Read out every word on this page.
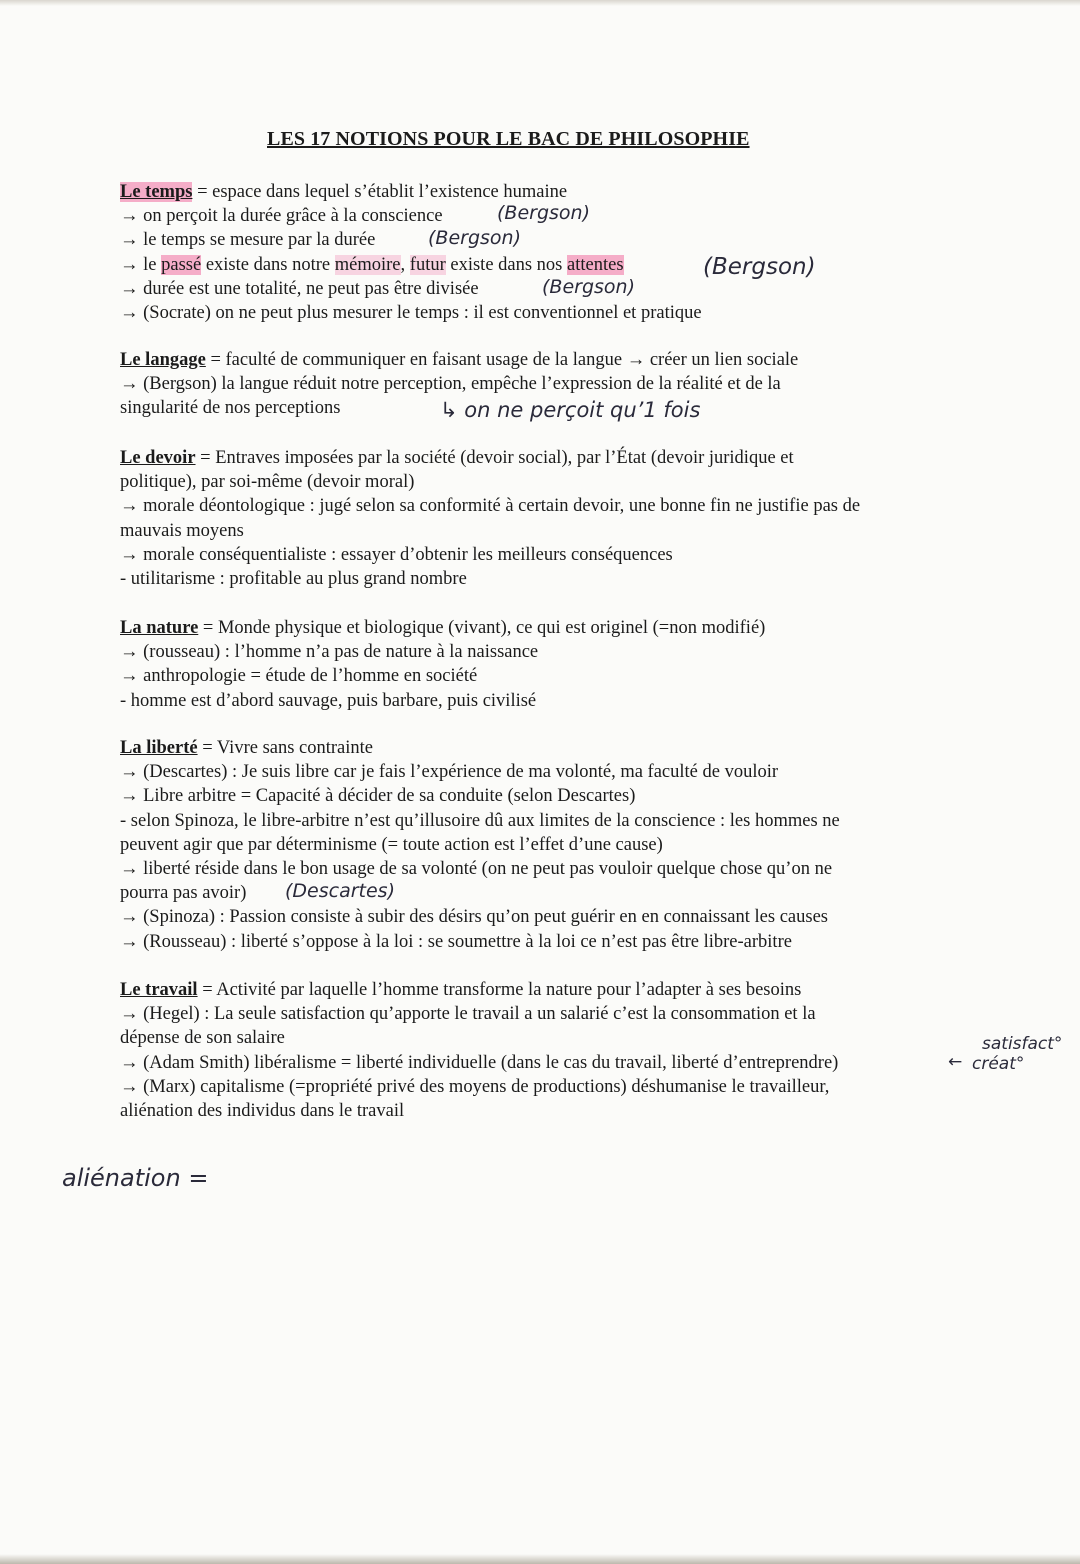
LES 17 NOTIONS POUR LE BAC DE PHILOSOPHIE
Le temps = espace dans lequel s’établit l’existence humaine
→ on perçoit la durée grâce à la conscience
→ le temps se mesure par la durée
→ le passé existe dans notre mémoire, futur existe dans nos attentes
→ durée est une totalité, ne peut pas être divisée
→ (Socrate) on ne peut plus mesurer le temps : il est conventionnel et pratique
(Bergson)
(Bergson)
(Bergson)
(Bergson)
Le langage = faculté de communiquer en faisant usage de la langue → créer un lien sociale
→ (Bergson) la langue réduit notre perception, empêche l’expression de la réalité et de la
singularité de nos perceptions	↳ on ne perçoit qu’1 fois
Le devoir = Entraves imposées par la société (devoir social), par l’État (devoir juridique et
politique), par soi-même (devoir moral)
→ morale déontologique : jugé selon sa conformité à certain devoir, une bonne fin ne justifie pas de
mauvais moyens
→ morale conséquentialiste : essayer d’obtenir les meilleurs conséquences
- utilitarisme : profitable au plus grand nombre
La nature = Monde physique et biologique (vivant), ce qui est originel (=non modifié)
→ (rousseau) : l’homme n’a pas de nature à la naissance
→ anthropologie = étude de l’homme en société
- homme est d’abord sauvage, puis barbare, puis civilisé
La liberté = Vivre sans contrainte
→ (Descartes) : Je suis libre car je fais l’expérience de ma volonté, ma faculté de vouloir
→ Libre arbitre = Capacité à décider de sa conduite (selon Descartes)
- selon Spinoza, le libre-arbitre n’est qu’illusoire dû aux limites de la conscience : les hommes ne
peuvent agir que par déterminisme (= toute action est l’effet d’une cause)
→ liberté réside dans le bon usage de sa volonté (on ne peut pas vouloir quelque chose qu’on ne
pourra pas avoir)
→ (Spinoza) : Passion consiste à subir des désirs qu’on peut guérir en en connaissant les causes
→ (Rousseau) : liberté s’oppose à la loi : se soumettre à la loi ce n’est pas être libre-arbitre
(Descartes)
Le travail = Activité par laquelle l’homme transforme la nature pour l’adapter à ses besoins
→ (Hegel) : La seule satisfaction qu’apporte le travail a un salarié c’est la consommation et la
dépense de son salaire
→ (Adam Smith) libéralisme = liberté individuelle (dans le cas du travail, liberté d’entreprendre)
→ (Marx) capitalisme (=propriété privé des moyens de productions) déshumanise le travailleur,
aliénation des individus dans le travail
←
satisfact°
créat°
aliénation =
